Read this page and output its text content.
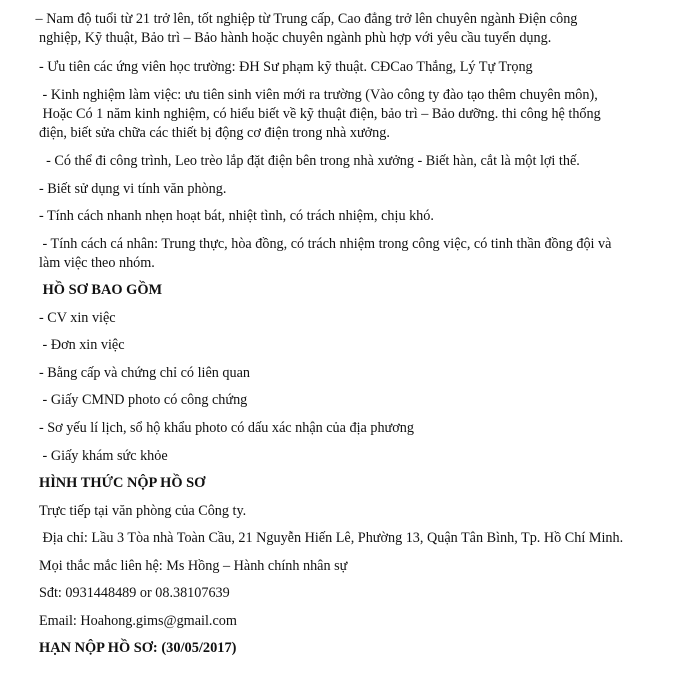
– Nam độ tuổi từ 21 trở lên, tốt nghiệp từ Trung cấp, Cao đẳng trở lên chuyên ngành Điện công
nghiệp, Kỹ thuật, Bảo trì – Bảo hành hoặc chuyên ngành phù hợp với yêu cầu tuyển dụng.
- Ưu tiên các ứng viên học trường: ĐH Sư phạm kỹ thuật. CĐCao Thắng, Lý Tự Trọng
- Kinh nghiệm làm việc: ưu tiên sinh viên mới ra trường (Vào công ty đào tạo thêm chuyên môn),
Hoặc Có 1 năm kinh nghiệm, có hiểu biết về kỹ thuật điện, bảo trì – Bảo dưỡng. thi công hệ thống
điện, biết sửa chữa các thiết bị động cơ điện trong nhà xưởng.
- Có thể đi công trình, Leo trèo lắp đặt điện bên trong nhà xưởng - Biết hàn, cắt là một lợi thế.
- Biết sử dụng vi tính văn phòng.
- Tính cách nhanh nhẹn hoạt bát, nhiệt tình, có trách nhiệm, chịu khó.
- Tính cách cá nhân: Trung thực, hòa đồng, có trách nhiệm trong công việc, có tinh thần đồng đội và
làm việc theo nhóm.
HỒ SƠ BAO GỒM
- CV xin việc
- Đơn xin việc
- Bằng cấp và chứng chỉ có liên quan
- Giấy CMND photo có công chứng
- Sơ yếu lí lịch, sổ hộ khẩu photo có dấu xác nhận của địa phương
- Giấy khám sức khỏe
HÌNH THỨC NỘP HỒ SƠ
Trực tiếp tại văn phòng của Công ty.
Địa chỉ: Lầu 3 Tòa nhà Toàn Cầu, 21 Nguyễn Hiến Lê, Phường 13, Quận Tân Bình, Tp. Hồ Chí Minh.
Mọi thắc mắc liên hệ: Ms Hồng – Hành chính nhân sự
Sđt: 0931448489 or 08.38107639
Email: Hoahong.gims@gmail.com
HẠN NỘP HỒ SƠ: (30/05/2017)
